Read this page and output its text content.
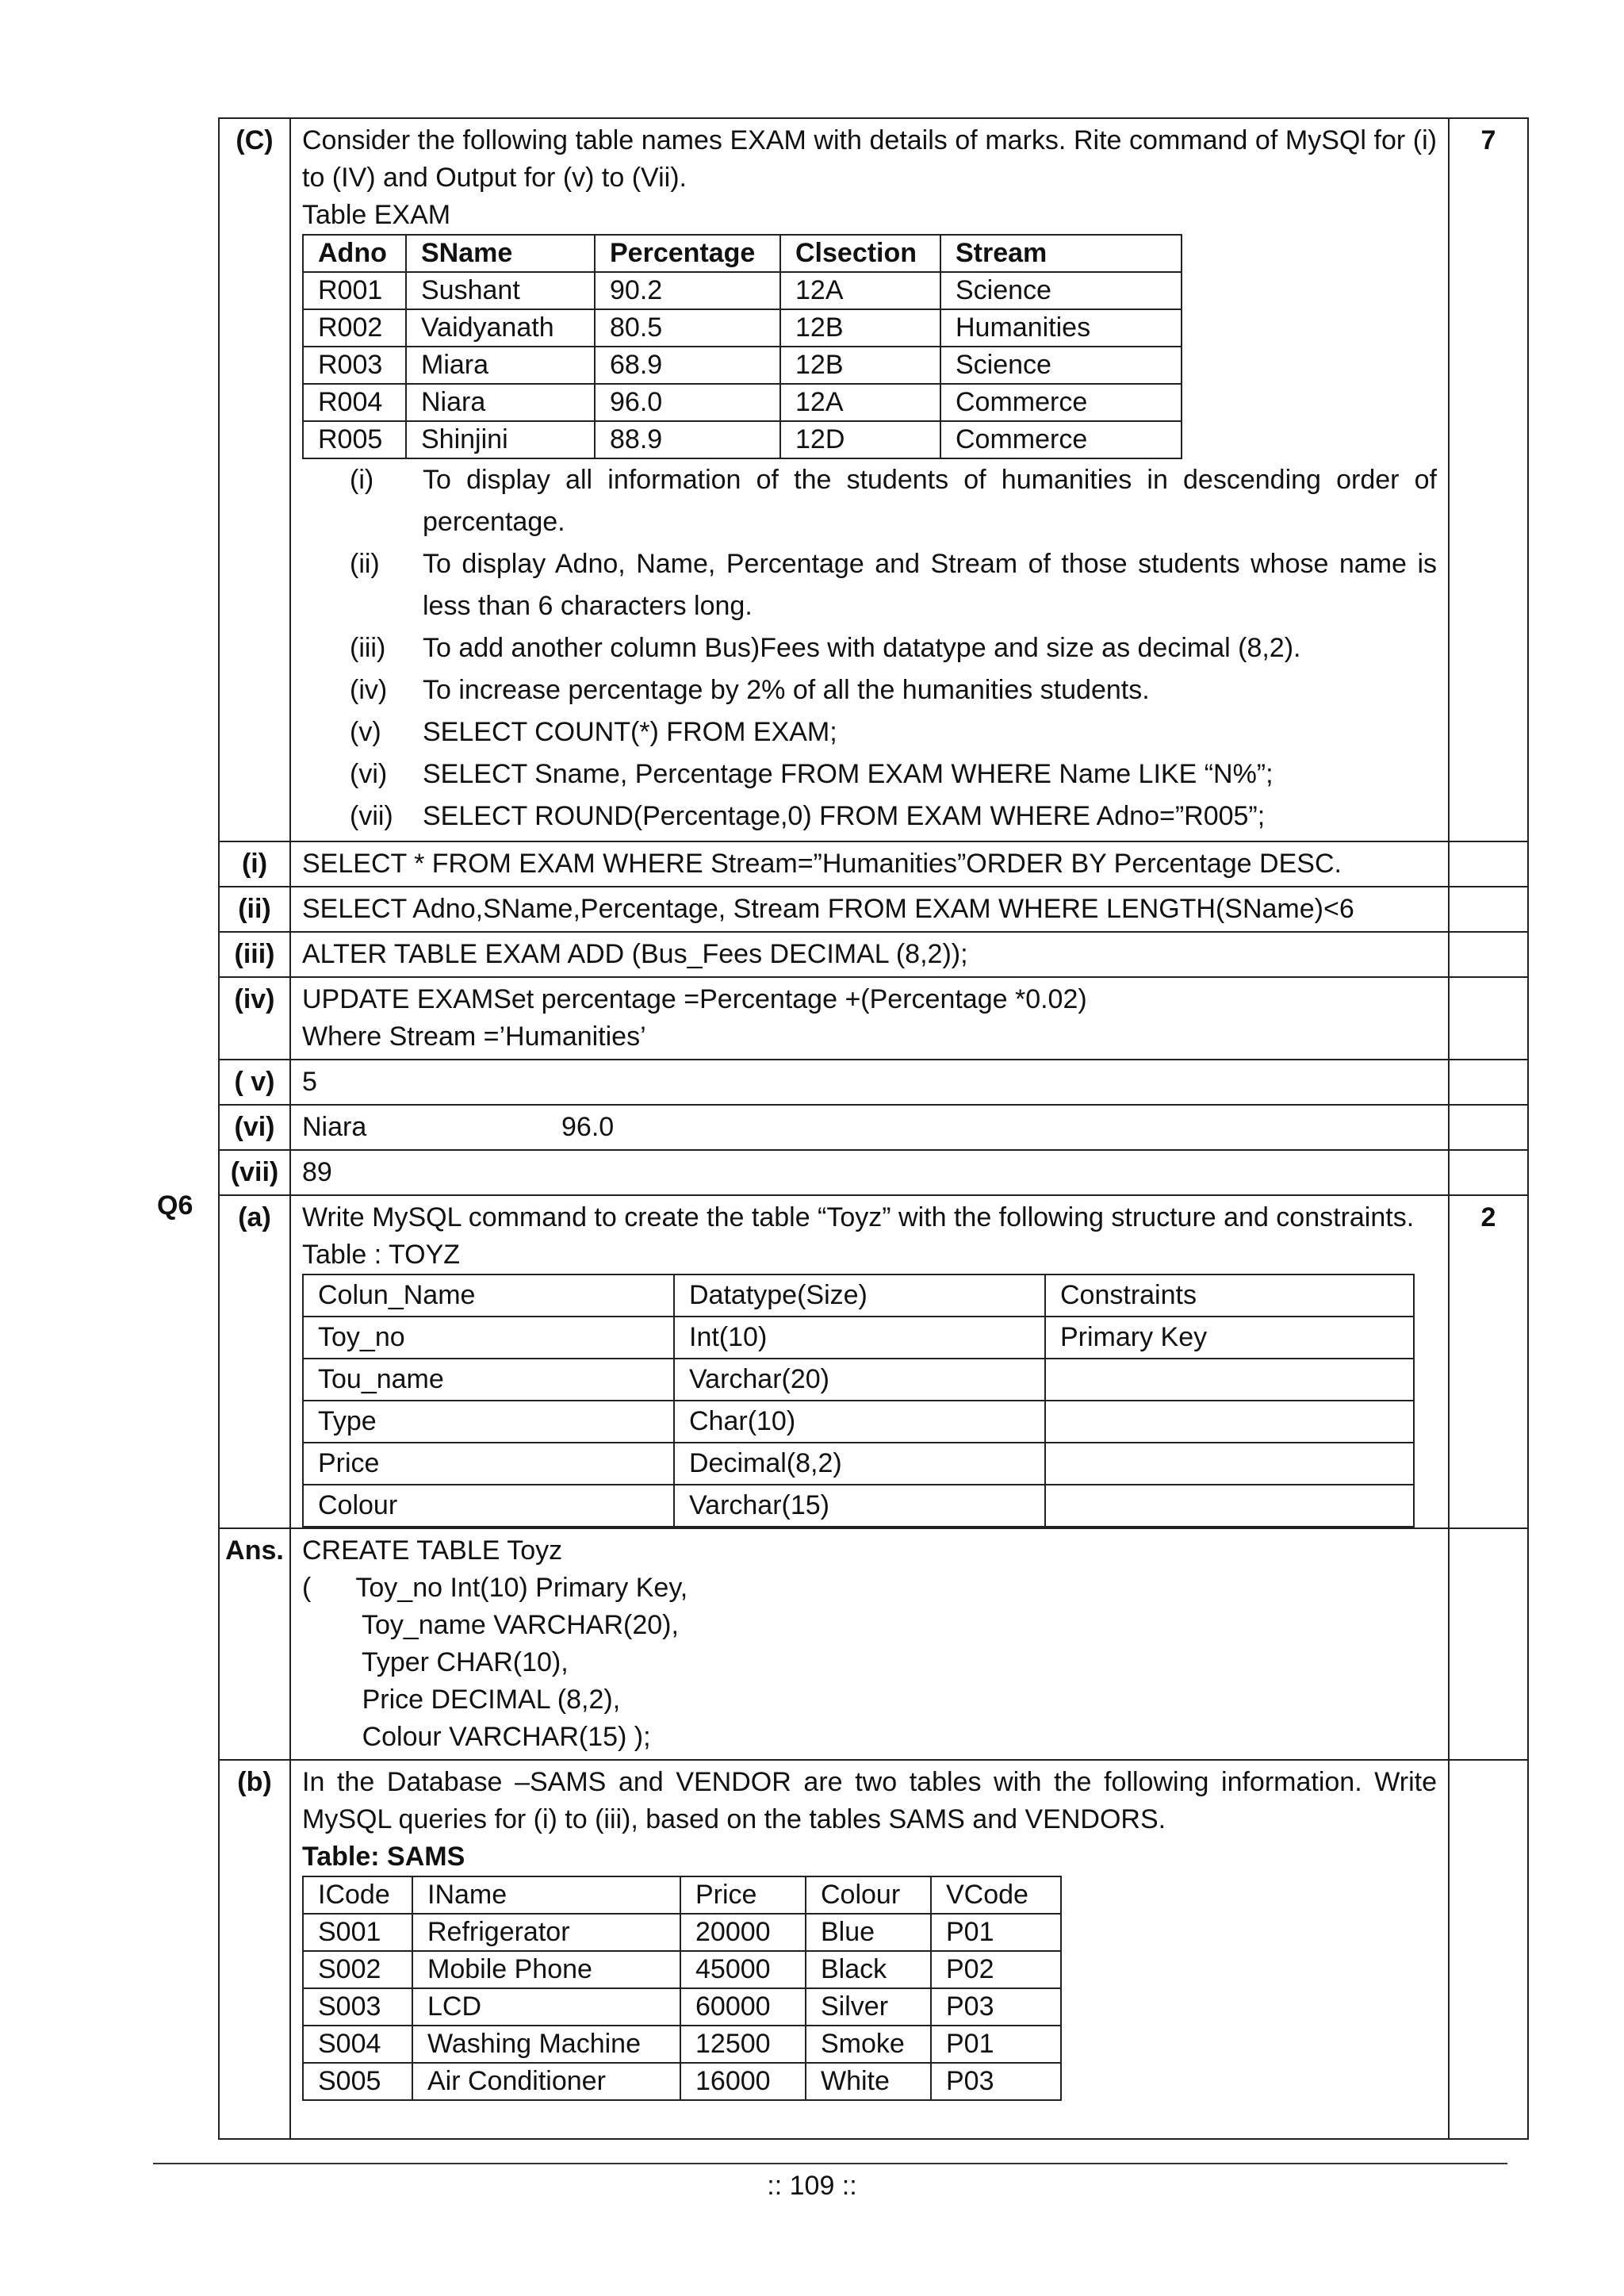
Q6
(C)	Consider the following table names EXAM with details of marks. Rite command of MySQl for (i) to (IV) and Output for (v) to (Vii).
Table EXAM
Adno	SName	Percentage	Clsection	Stream
R001	Sushant	90.2	12A	Science
R002	Vaidyanath	80.5	12B	Humanities
R003	Miara	68.9	12B	Science
R004	Niara	96.0	12A	Commerce
R005	Shinjini	88.9	12D	Commerce
(i)	To display all information of the students of humanities in descending order of percentage.
(ii)	To display Adno, Name, Percentage and Stream of those students whose name is less than 6 characters long.
(iii)	To add another column Bus)Fees with datatype and size as decimal (8,2).
(iv)	To increase percentage by 2% of all the humanities students.
(v)	SELECT COUNT(*) FROM EXAM;
(vi)	SELECT Sname, Percentage FROM EXAM WHERE Name LIKE “N%”;
(vii)	SELECT ROUND(Percentage,0) FROM EXAM WHERE Adno=”R005”;
	7
(i)	SELECT * FROM EXAM WHERE Stream=”Humanities”ORDER BY Percentage DESC.	
(ii)	SELECT Adno,SName,Percentage, Stream FROM EXAM WHERE LENGTH(SName)<6	
(iii)	ALTER TABLE EXAM ADD (Bus_Fees DECIMAL (8,2));	
(iv)	UPDATE EXAMSet percentage =Percentage +(Percentage *0.02)
Where Stream =’Humanities’

( v)	5	
(vi)	Niara	96.0	
(vii)	89	
(a)	Write MySQL command to create the table “Toyz” with the following structure and constraints.
Table : TOYZ
Colun_Name	Datatype(Size)	Constraints
Toy_no	Int(10)	Primary Key
Tou_name	Varchar(20)	
Type	Char(10)	
Price	Decimal(8,2)	
Colour	Varchar(15)	
	2
Ans.	CREATE TABLE Toyz
(      Toy_no Int(10) Primary Key,
Toy_name VARCHAR(20),
Typer CHAR(10),
Price DECIMAL (8,2),
Colour VARCHAR(15) );

(b)	In the Database –SAMS and VENDOR are two tables with the following information. Write MySQL queries for (i) to (iii), based on the tables SAMS and VENDORS.
Table: SAMS
ICode	IName	Price	Colour	VCode
S001	Refrigerator	20000	Blue	P01
S002	Mobile Phone	45000	Black	P02
S003	LCD	60000	Silver	P03
S004	Washing Machine	12500	Smoke	P01
S005	Air Conditioner	16000	White	P03

:: 109 ::
